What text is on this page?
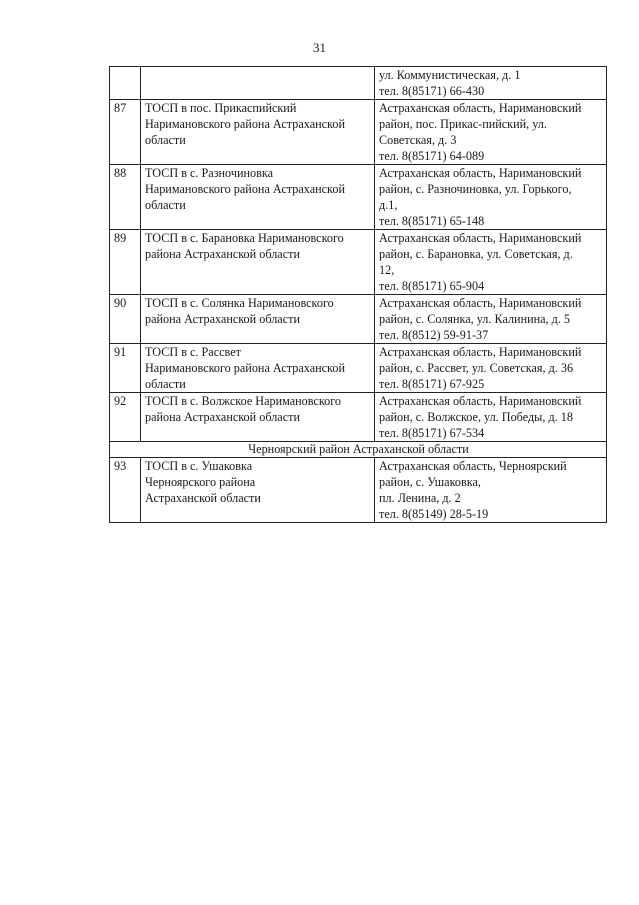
31

		ул. Коммунистическая, д. 1
тел. 8(85171) 66-430

87	ТОСП в пос. Прикаспийский
Наримановского района Астраханской
области	Астраханская область, Наримановский
район, пос. Прикас-пийский, ул.
Советская, д. 3
тел. 8(85171) 64-089

88	ТОСП в с. Разночиновка
Наримановского района Астраханской
области	Астраханская область, Наримановский
район, с. Разночиновка, ул. Горького,
д.1,
тел. 8(85171) 65-148

89	ТОСП в с. Барановка Наримановского
района Астраханской области	Астраханская область, Наримановский
район, с. Барановка, ул. Советская, д.
12,
тел. 8(85171) 65-904

90	ТОСП в с. Солянка Наримановского
района Астраханской области	Астраханская область, Наримановский
район, с. Солянка, ул. Калинина, д. 5
тел. 8(8512) 59-91-37

91	ТОСП в с. Рассвет
Наримановского района Астраханской
области	Астраханская область, Наримановский
район, с. Рассвет, ул. Советская, д. 36
тел. 8(85171) 67-925

92	ТОСП в с. Волжское Наримановского
района Астраханской области	Астраханская область, Наримановский
район, с. Волжское, ул. Победы, д. 18
тел. 8(85171) 67-534

Черноярский район Астраханской области		
93	ТОСП в с. Ушаковка
Черноярского района
Астраханской области	Астраханская область, Черноярский
район, с. Ушаковка,
пл. Ленина, д. 2
тел. 8(85149) 28-5-19
